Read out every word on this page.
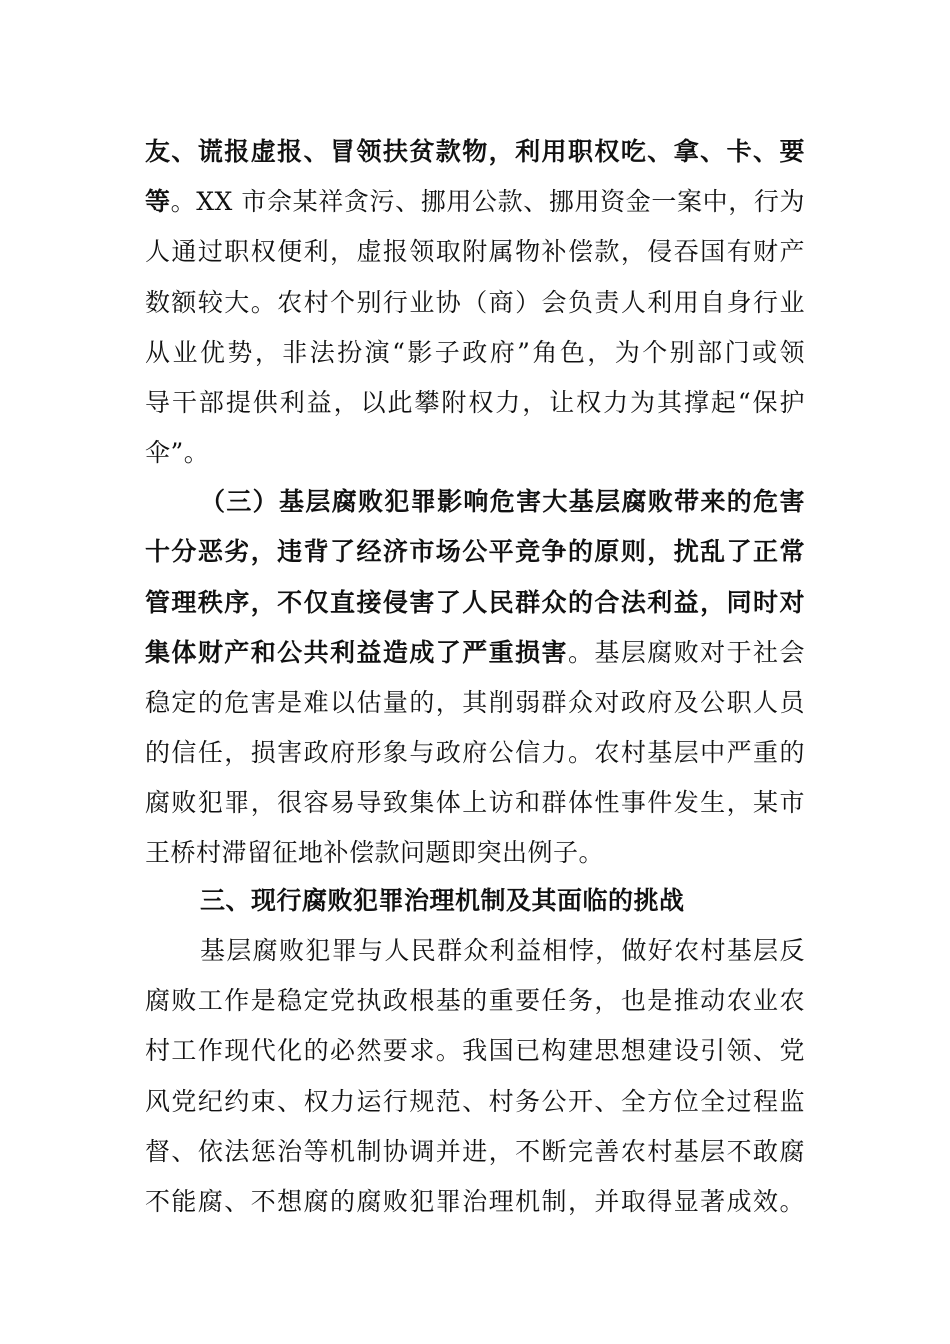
友、谎报虚报、冒领扶贫款物，利用职权吃、拿、卡、要
等。XX 市佘某祥贪污、挪用公款、挪用资金一案中，行为
人通过职权便利，虚报领取附属物补偿款，侵吞国有财产
数额较大。农村个别行业协（商）会负责人利用自身行业
从业优势，非法扮演“影子政府”角色，为个别部门或领
导干部提供利益，以此攀附权力，让权力为其撑起“保护
伞”。
（三）基层腐败犯罪影响危害大基层腐败带来的危害
十分恶劣，违背了经济市场公平竞争的原则，扰乱了正常
管理秩序，不仅直接侵害了人民群众的合法利益，同时对
集体财产和公共利益造成了严重损害。基层腐败对于社会
稳定的危害是难以估量的，其削弱群众对政府及公职人员
的信任，损害政府形象与政府公信力。农村基层中严重的
腐败犯罪，很容易导致集体上访和群体性事件发生，某市
王桥村滞留征地补偿款问题即突出例子。
三、现行腐败犯罪治理机制及其面临的挑战
基层腐败犯罪与人民群众利益相悖，做好农村基层反
腐败工作是稳定党执政根基的重要任务，也是推动农业农
村工作现代化的必然要求。我国已构建思想建设引领、党
风党纪约束、权力运行规范、村务公开、全方位全过程监
督、依法惩治等机制协调并进，不断完善农村基层不敢腐
不能腐、不想腐的腐败犯罪治理机制，并取得显著成效。
